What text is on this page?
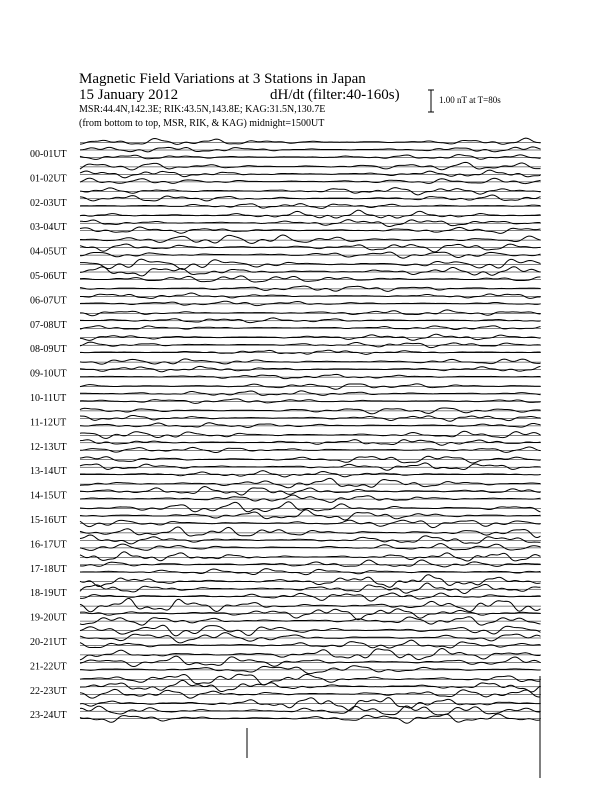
Magnetic Field Variations at 3 Stations in Japan
15 January 2012	dH/dt (filter:40-160s)
MSR:44.4N,142.3E; RIK:43.5N,143.8E; KAG:31.5N,130.7E
(from bottom to top, MSR, RIK, & KAG) midnight=1500UT
1.00 nT at T=80s
00-01UT
01-02UT
02-03UT
03-04UT
04-05UT
05-06UT
06-07UT
07-08UT
08-09UT
09-10UT
10-11UT
11-12UT
12-13UT
13-14UT
14-15UT
15-16UT
16-17UT
17-18UT
18-19UT
19-20UT
20-21UT
21-22UT
22-23UT
23-24UT
